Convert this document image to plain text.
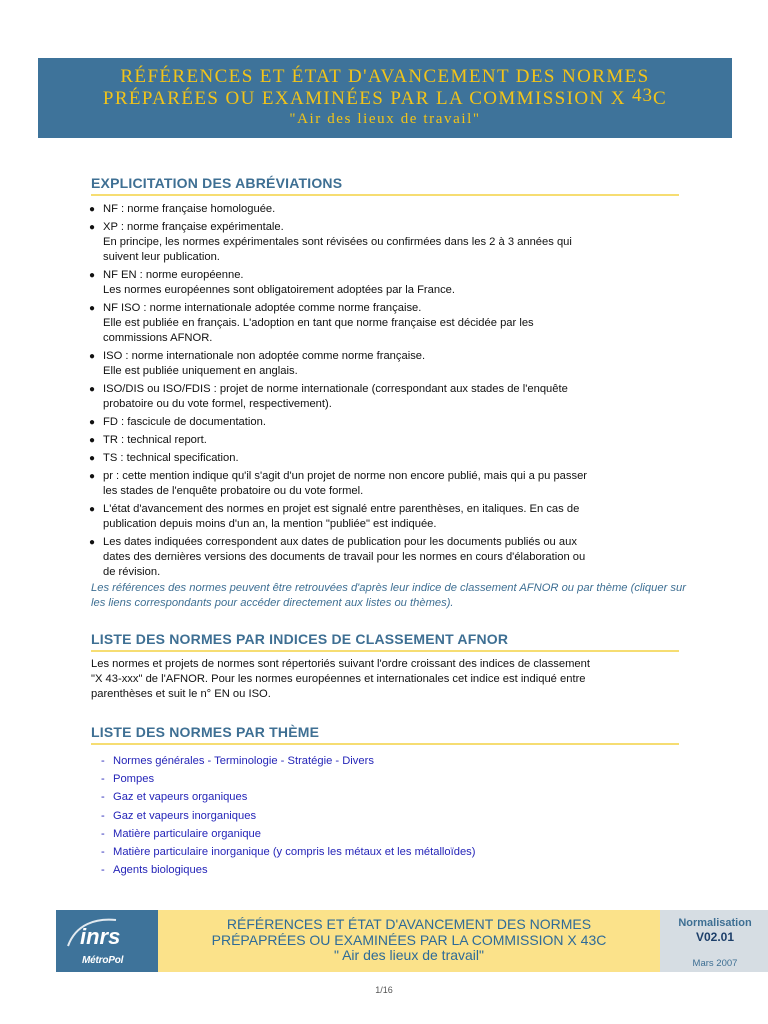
RÉFÉRENCES ET ÉTAT D'AVANCEMENT DES NORMES
PRÉPARÉES OU EXAMINÉES PAR LA COMMISSION X 43C
"Air des lieux de travail"
EXPLICITATION DES ABRÉVIATIONS
● NF : norme française homologuée.
● XP : norme française expérimentale.
En principe, les normes expérimentales sont révisées ou confirmées dans les 2 à 3 années qui
suivent leur publication.
● NF EN : norme européenne.
Les normes européennes sont obligatoirement adoptées par la France.
● NF ISO : norme internationale adoptée comme norme française.
Elle est publiée en français. L'adoption en tant que norme française est décidée par les
commissions AFNOR.
● ISO : norme internationale non adoptée comme norme française.
Elle est publiée uniquement en anglais.
● ISO/DIS ou ISO/FDIS : projet de norme internationale (correspondant aux stades de l'enquête
probatoire ou du vote formel, respectivement).
● FD : fascicule de documentation.
● TR : technical report.
● TS : technical specification.
● pr : cette mention indique qu'il s'agit d'un projet de norme non encore publié, mais qui a pu passer
les stades de l'enquête probatoire ou du vote formel.
● L'état d'avancement des normes en projet est signalé entre parenthèses, en italiques. En cas de
publication depuis moins d'un an, la mention "publiée" est indiquée.
● Les dates indiquées correspondent aux dates de publication pour les documents publiés ou aux
dates des dernières versions des documents de travail pour les normes en cours d'élaboration ou
de révision.
Les références des normes peuvent être retrouvées d'après leur indice de classement AFNOR ou par thème (cliquer sur les liens correspondants pour accéder directement aux listes ou thèmes).
LISTE DES NORMES PAR INDICES DE CLASSEMENT AFNOR
Les normes et projets de normes sont répertoriés suivant l'ordre croissant des indices de classement
"X 43-xxx" de l'AFNOR. Pour les normes européennes et internationales cet indice est indiqué entre
parenthèses et suit le n° EN ou ISO.
LISTE DES NORMES PAR THÈME
- Normes générales - Terminologie - Stratégie - Divers
- Pompes
- Gaz et vapeurs organiques
- Gaz et vapeurs inorganiques
- Matière particulaire organique
- Matière particulaire inorganique (y compris les métaux et les métalloïdes)
- Agents biologiques
inrs
MétroPol
RÉFÉRENCES ET ÉTAT D'AVANCEMENT DES NORMES
PRÉPAPRÉES OU EXAMINÉES PAR LA COMMISSION X 43C
" Air des lieux de travail"
Normalisation
V02.01
Mars 2007
1/16
